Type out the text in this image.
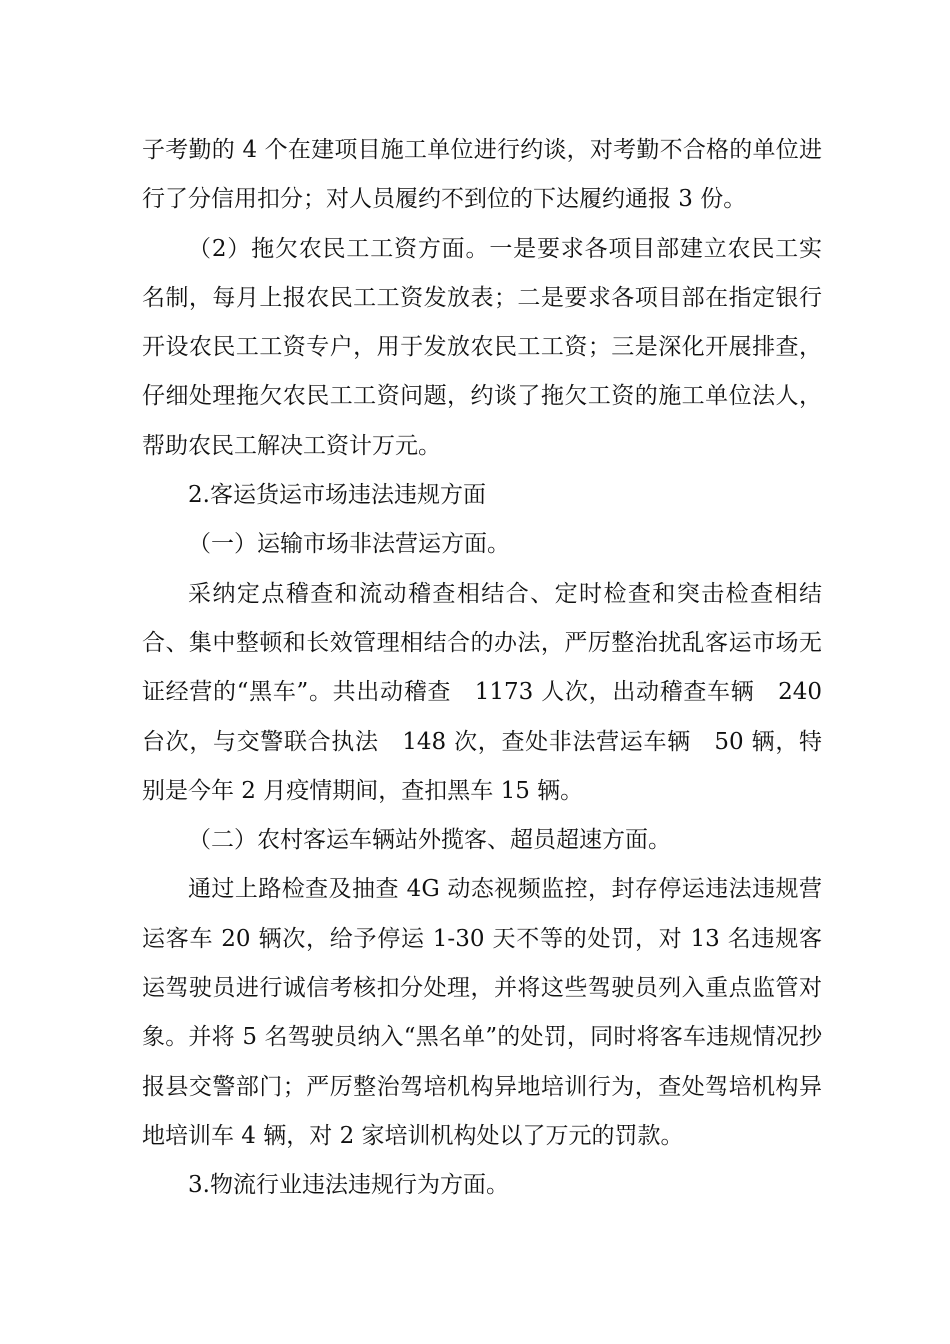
子考勤的 4 个在建项目施工单位进行约谈，对考勤不合格的单位进行了分信用扣分；对人员履约不到位的下达履约通报 3 份。

（2）拖欠农民工工资方面。一是要求各项目部建立农民工实名制，每月上报农民工工资发放表；二是要求各项目部在指定银行开设农民工工资专户，用于发放农民工工资；三是深化开展排查，仔细处理拖欠农民工工资问题，约谈了拖欠工资的施工单位法人，帮助农民工解决工资计万元。

2.客运货运市场违法违规方面

（一）运输市场非法营运方面。

采纳定点稽查和流动稽查相结合、定时检查和突击检查相结合、集中整顿和长效管理相结合的办法，严厉整治扰乱客运市场无证经营的“黑车”。共出动稽查　1173 人次，出动稽查车辆　240 台次，与交警联合执法　148 次，查处非法营运车辆　50 辆，特别是今年 2 月疫情期间，查扣黑车 15 辆。

（二）农村客运车辆站外揽客、超员超速方面。

通过上路检查及抽查 4G 动态视频监控，封存停运违法违规营运客车 20 辆次，给予停运 1-30 天不等的处罚，对 13 名违规客运驾驶员进行诚信考核扣分处理，并将这些驾驶员列入重点监管对象。并将 5 名驾驶员纳入“黑名单”的处罚，同时将客车违规情况抄报县交警部门；严厉整治驾培机构异地培训行为，查处驾培机构异地培训车 4 辆，对 2 家培训机构处以了万元的罚款。

3.物流行业违法违规行为方面。
